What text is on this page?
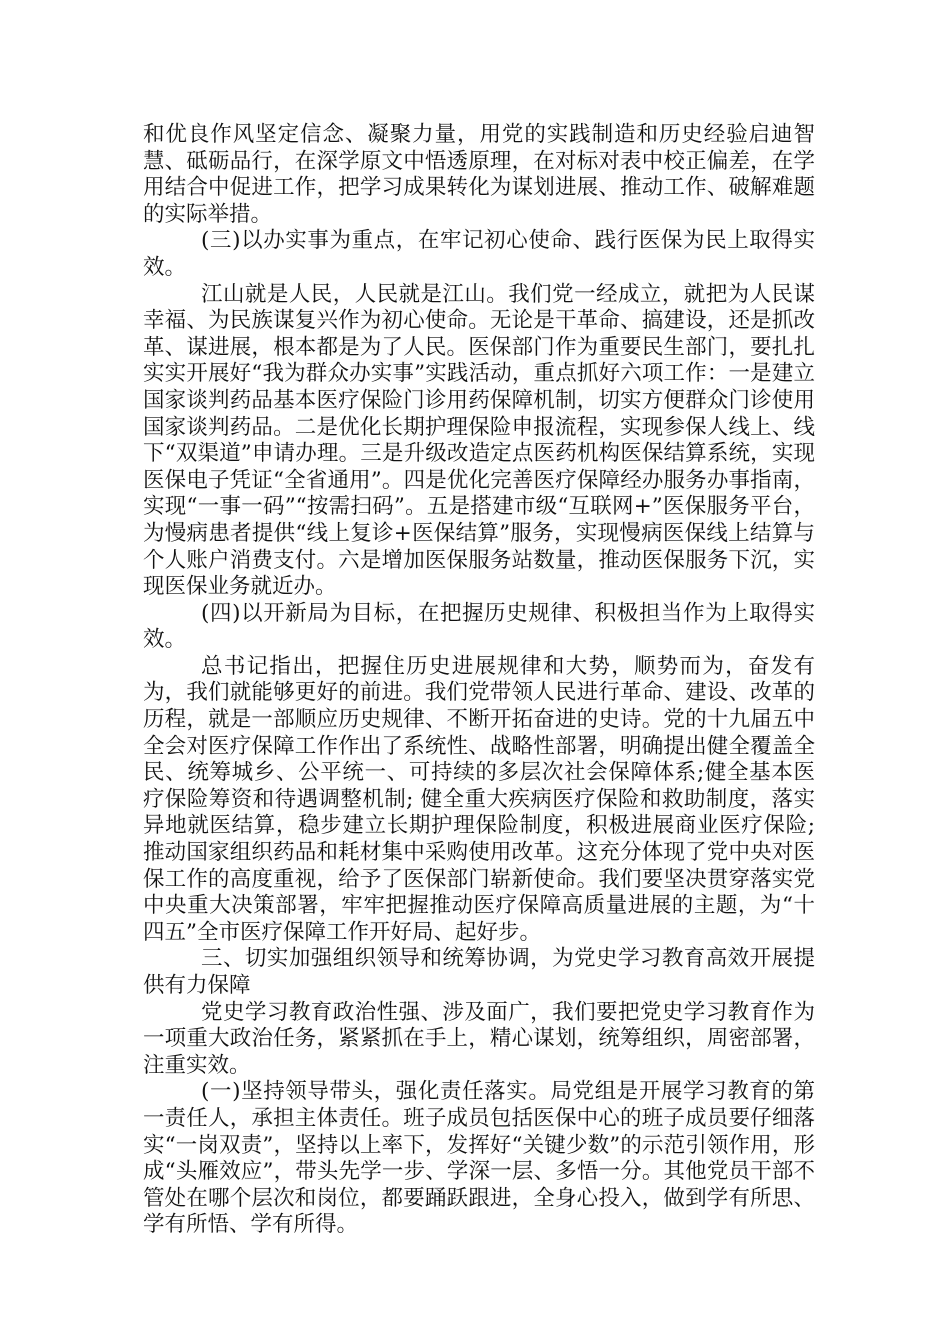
和优良作风坚定信念、凝聚力量，用党的实践制造和历史经验启迪智慧、砥砺品行，在深学原文中悟透原理，在对标对表中校正偏差，在学用结合中促进工作，把学习成果转化为谋划进展、推动工作、破解难题的实际举措。

(三)以办实事为重点，在牢记初心使命、践行医保为民上取得实效。

江山就是人民，人民就是江山。我们党一经成立，就把为人民谋幸福、为民族谋复兴作为初心使命。无论是干革命、搞建设，还是抓改革、谋进展，根本都是为了人民。医保部门作为重要民生部门，要扎扎实实开展好“我为群众办实事”实践活动，重点抓好六项工作：一是建立国家谈判药品基本医疗保险门诊用药保障机制，切实方便群众门诊使用国家谈判药品。二是优化长期护理保险申报流程，实现参保人线上、线下“双渠道”申请办理。三是升级改造定点医药机构医保结算系统，实现医保电子凭证“全省通用”。四是优化完善医疗保障经办服务办事指南，实现“一事一码”“按需扫码”。五是搭建市级“互联网+”医保服务平台，为慢病患者提供“线上复诊+医保结算”服务，实现慢病医保线上结算与个人账户消费支付。六是增加医保服务站数量，推动医保服务下沉，实现医保业务就近办。

(四)以开新局为目标，在把握历史规律、积极担当作为上取得实效。

总书记指出，把握住历史进展规律和大势，顺势而为，奋发有为，我们就能够更好的前进。我们党带领人民进行革命、建设、改革的历程，就是一部顺应历史规律、不断开拓奋进的史诗。党的十九届五中全会对医疗保障工作作出了系统性、战略性部署，明确提出健全覆盖全民、统筹城乡、公平统一、可持续的多层次社会保障体系;健全基本医疗保险筹资和待遇调整机制; 健全重大疾病医疗保险和救助制度，落实异地就医结算，稳步建立长期护理保险制度，积极进展商业医疗保险;推动国家组织药品和耗材集中采购使用改革。这充分体现了党中央对医保工作的高度重视，给予了医保部门崭新使命。我们要坚决贯穿落实党中央重大决策部署，牢牢把握推动医疗保障高质量进展的主题，为“十四五”全市医疗保障工作开好局、起好步。

三、切实加强组织领导和统筹协调，为党史学习教育高效开展提供有力保障

党史学习教育政治性强、涉及面广，我们要把党史学习教育作为一项重大政治任务，紧紧抓在手上，精心谋划，统筹组织，周密部署，注重实效。

(一)坚持领导带头，强化责任落实。局党组是开展学习教育的第一责任人，承担主体责任。班子成员包括医保中心的班子成员要仔细落实“一岗双责”，坚持以上率下，发挥好“关键少数”的示范引领作用，形成“头雁效应”，带头先学一步、学深一层、多悟一分。其他党员干部不管处在哪个层次和岗位，都要踊跃跟进，全身心投入，做到学有所思、学有所悟、学有所得。
